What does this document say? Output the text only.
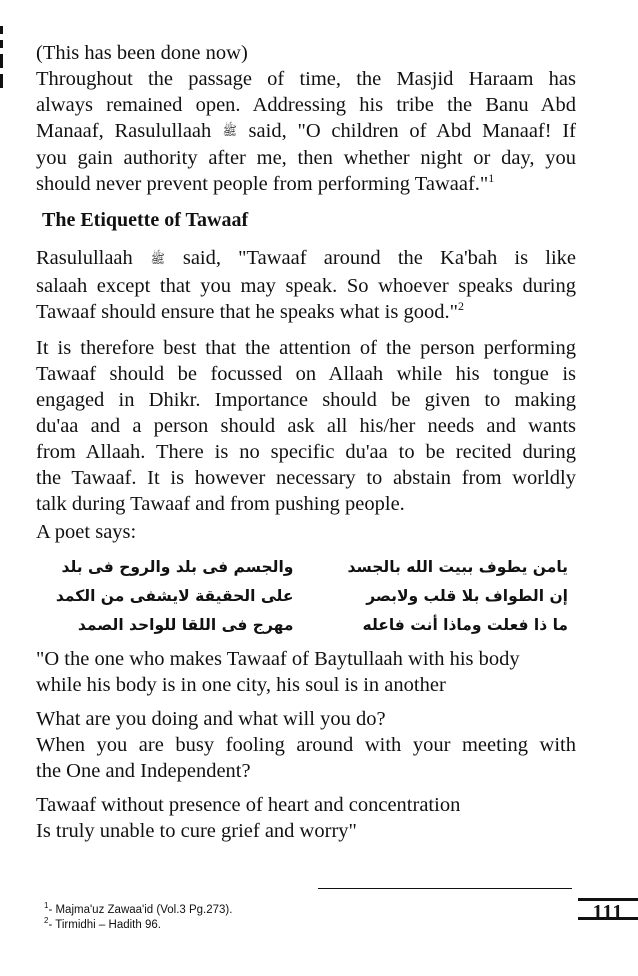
(This has been done now)

Throughout the passage of time, the Masjid Haraam has

always remained open. Addressing his tribe the Banu Abd

Manaaf, Rasulullaah ﷺ said, "O children of Abd Manaaf! If

you gain authority after me, then whether night or day, you

should never prevent people from performing Tawaaf."$^1$

The Etiquette of Tawaaf

Rasulullaah ﷺ said, "Tawaaf around the Ka'bah is like

salaah except that you may speak. So whoever speaks during

Tawaaf should ensure that he speaks what is good."$^2$

It is therefore best that the attention of the person performing

Tawaaf should be focussed on Allaah while his tongue is

engaged in Dhikr. Importance should be given to making

du'aa and a person should ask all his/her needs and wants

from Allaah. There is no specific du'aa to be recited during

the Tawaaf. It is however necessary to abstain from worldly

talk during Tawaaf and from pushing people.

A poet says:

يامن يطوف ببيت الله بالجسد
والجسم فى بلد والروح فى بلد
إن الطواف بلا قلب ولابصر
على الحقيقة لايشفى من الكمد
ما ذا فعلت وماذا أنت فاعله
مهرج فى اللقا للواحد الصمد

"O the one who makes Tawaaf of Baytullaah with his body

while his body is in one city, his soul is in another

What are you doing and what will you do?

When you are busy fooling around with your meeting with

the One and Independent?

Tawaaf without presence of heart and concentration

Is truly unable to cure grief and worry"

$^1$- Majma'uz Zawaa'id (Vol.3 Pg.273).
$^2$- Tirmidhi – Hadith 96.
111
